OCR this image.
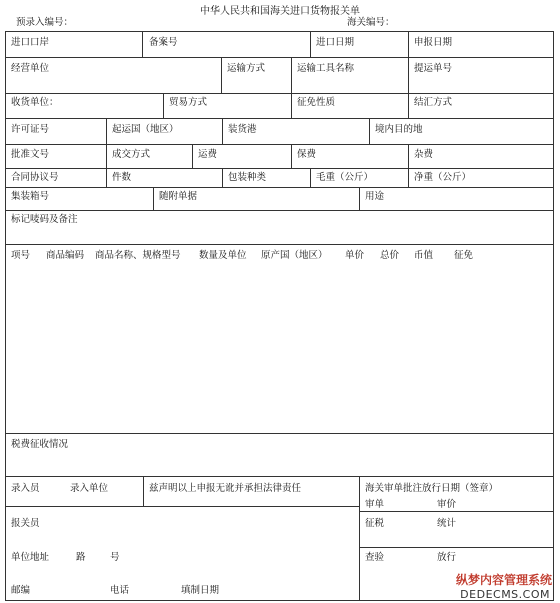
中华人民共和国海关进口货物报关单
预录入编号：	海关编号：
进口口岸	备案号	进口日期	申报日期
经营单位	运输方式	运输工具名称	提运单号
收货单位：	贸易方式	征免性质	结汇方式
许可证号	起运国（地区）	装货港	境内目的地
批准文号	成交方式	运费	保费	杂费
合同协议号	件数	包装种类	毛重（公斤）	净重（公斤）
集装箱号	随附单据	用途
标记唛码及备注
项号 商品编码 商品名称、规格型号 数量及单位 原产国（地区） 单价 总价 币值 征免
税费征收情况
录入员	录入单位	兹声明以上申报无讹并承担法律责任	海关审单批注放行日期（签章）
审单	审价
报关员	征税	统计
单位地址	路	号	查验	放行
邮编	电话	填制日期
纵梦内容管理系统
DEDECMS.COM
